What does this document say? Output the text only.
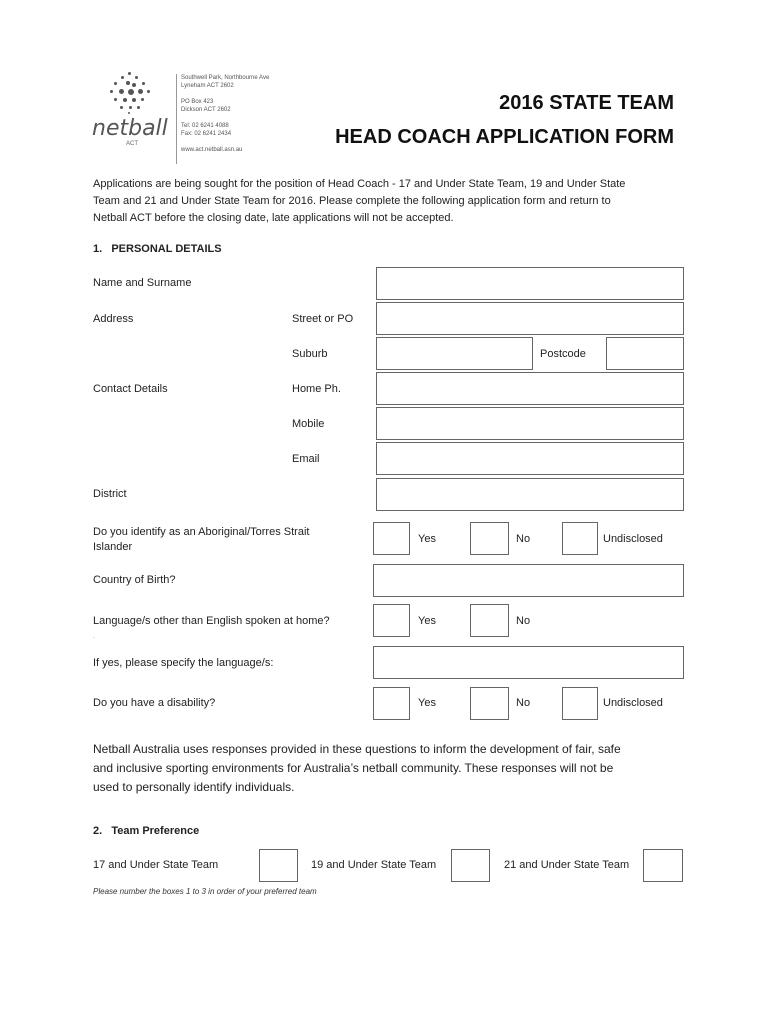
netball
ACT
Southwell Park, Northbourne Ave
Lyneham ACT 2602
PO Box 423
Dickson ACT 2602
Tel: 02 6241 4088
Fax: 02 6241 2434
www.act.netball.asn.au
2016 STATE TEAM
HEAD COACH APPLICATION FORM
Applications are being sought for the position of Head Coach - 17 and Under State Team, 19 and Under State
Team and 21 and Under State Team for 2016. Please complete the following application form and return to
Netball ACT before the closing date, late applications will not be accepted.
1.   PERSONAL DETAILS
Name and Surname
Address	Street or PO
Suburb	Postcode
Contact Details	Home Ph.
Mobile
Email
District
Do you identify as an Aboriginal/Torres Strait
Islander
Yes	No	Undisclosed
Country of Birth?
Language/s other than English spoken at home?	Yes	No
.
If yes, please specify the language/s:
Do you have a disability?	Yes	No	Undisclosed
Netball Australia uses responses provided in these questions to inform the development of fair, safe
and inclusive sporting environments for Australia’s netball community. These responses will not be
used to personally identify individuals.
2.   Team Preference
17 and Under State Team	19 and Under State Team	21 and Under State Team
Please number the boxes 1 to 3 in order of your preferred team
